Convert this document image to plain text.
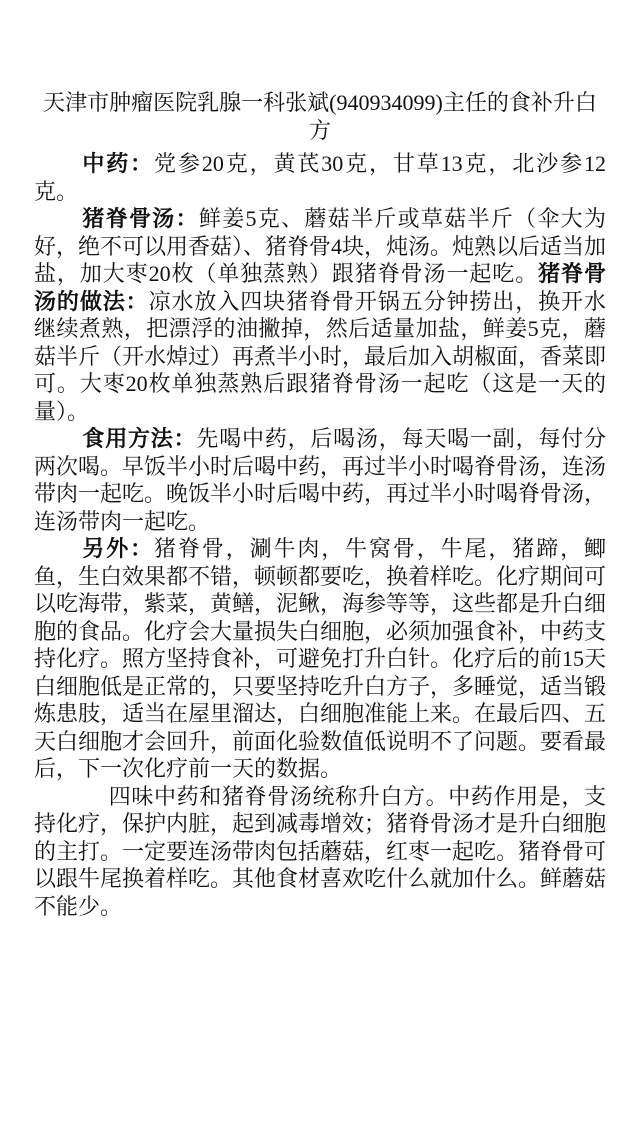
天津市肿瘤医院乳腺一科张斌(940934099)主任的食补升白方

中药：党参20克，黄芪30克，甘草13克，北沙参12克。

猪脊骨汤：鲜姜5克、蘑菇半斤或草菇半斤（伞大为好，绝不可以用香菇）、猪脊骨4块，炖汤。炖熟以后适当加盐，加大枣20枚（单独蒸熟）跟猪脊骨汤一起吃。猪脊骨汤的做法：凉水放入四块猪脊骨开锅五分钟捞出，换开水继续煮熟，把漂浮的油撇掉，然后适量加盐，鲜姜5克，蘑菇半斤（开水焯过）再煮半小时，最后加入胡椒面，香菜即可。大枣20枚单独蒸熟后跟猪脊骨汤一起吃（这是一天的量）。

食用方法：先喝中药，后喝汤，每天喝一副，每付分两次喝。早饭半小时后喝中药，再过半小时喝脊骨汤，连汤带肉一起吃。晚饭半小时后喝中药，再过半小时喝脊骨汤，连汤带肉一起吃。

另外：猪脊骨，涮牛肉，牛窝骨，牛尾，猪蹄，鲫鱼，生白效果都不错，顿顿都要吃，换着样吃。化疗期间可以吃海带，紫菜，黄鳝，泥鳅，海参等等，这些都是升白细胞的食品。化疗会大量损失白细胞，必须加强食补，中药支持化疗。照方坚持食补，可避免打升白针。化疗后的前15天白细胞低是正常的，只要坚持吃升白方子，多睡觉，适当锻炼患肢，适当在屋里溜达，白细胞准能上来。在最后四、五天白细胞才会回升，前面化验数值低说明不了问题。要看最后，下一次化疗前一天的数据。

四味中药和猪脊骨汤统称升白方。中药作用是，支持化疗，保护内脏，起到减毒增效；猪脊骨汤才是升白细胞的主打。一定要连汤带肉包括蘑菇，红枣一起吃。猪脊骨可以跟牛尾换着样吃。其他食材喜欢吃什么就加什么。鲜蘑菇不能少。
